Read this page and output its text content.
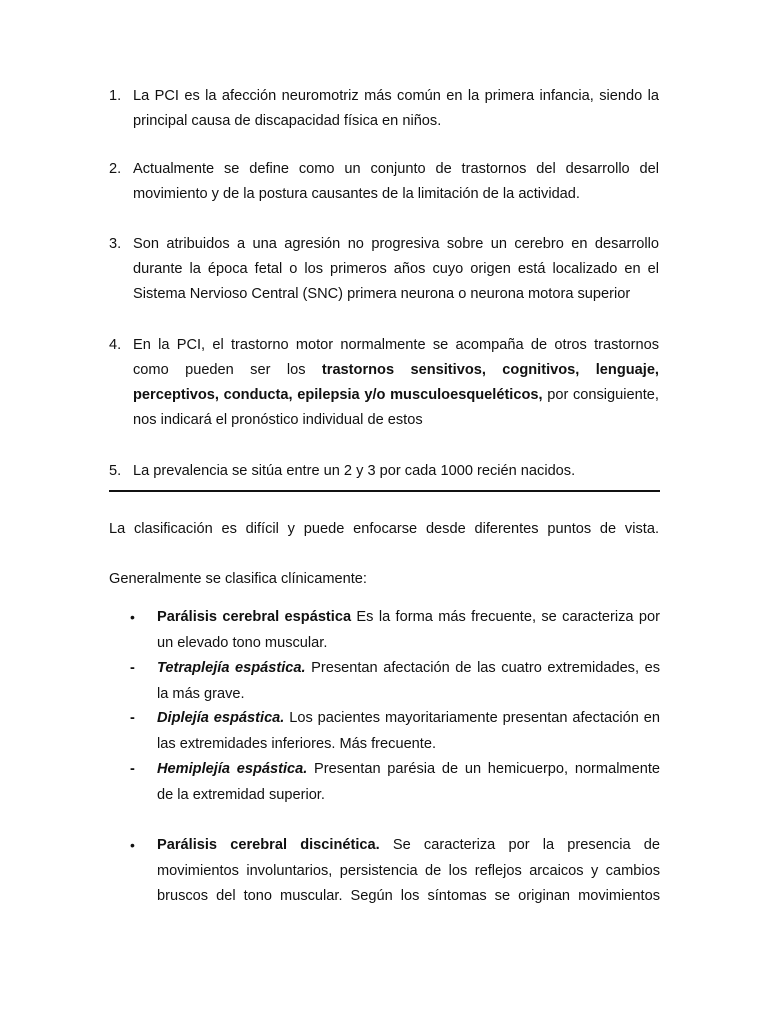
1. La PCI es la afección neuromotriz más común en la primera infancia, siendo la principal causa de discapacidad física en niños.
2. Actualmente se define como un conjunto de trastornos del desarrollo del movimiento y de la postura causantes de la limitación de la actividad.
3. Son atribuidos a una agresión no progresiva sobre un cerebro en desarrollo durante la época fetal o los primeros años cuyo origen está localizado en el Sistema Nervioso Central (SNC) primera neurona o neurona motora superior
4. En la PCI, el trastorno motor normalmente se acompaña de otros trastornos como pueden ser los trastornos sensitivos, cognitivos, lenguaje, perceptivos, conducta, epilepsia y/o musculoesqueléticos, por consiguiente, nos indicará el pronóstico individual de estos
5. La prevalencia se sitúa entre un 2 y 3 por cada 1000 recién nacidos.
La clasificación es difícil y puede enfocarse desde diferentes puntos de vista.
Generalmente se clasifica clínicamente:
•	Parálisis cerebral espástica Es la forma más frecuente, se caracteriza por un elevado tono muscular.
-	Tetraplejía espástica. Presentan afectación de las cuatro extremidades, es la más grave.
-	Diplejía espástica. Los pacientes mayoritariamente presentan afectación en las extremidades inferiores. Más frecuente.
-	Hemiplejía espástica. Presentan parésia de un hemicuerpo, normalmente de la extremidad superior.
•	Parálisis cerebral discinética. Se caracteriza por la presencia de movimientos involuntarios, persistencia de los reflejos arcaicos y cambios bruscos del tono muscular. Según los síntomas se originan movimientos
